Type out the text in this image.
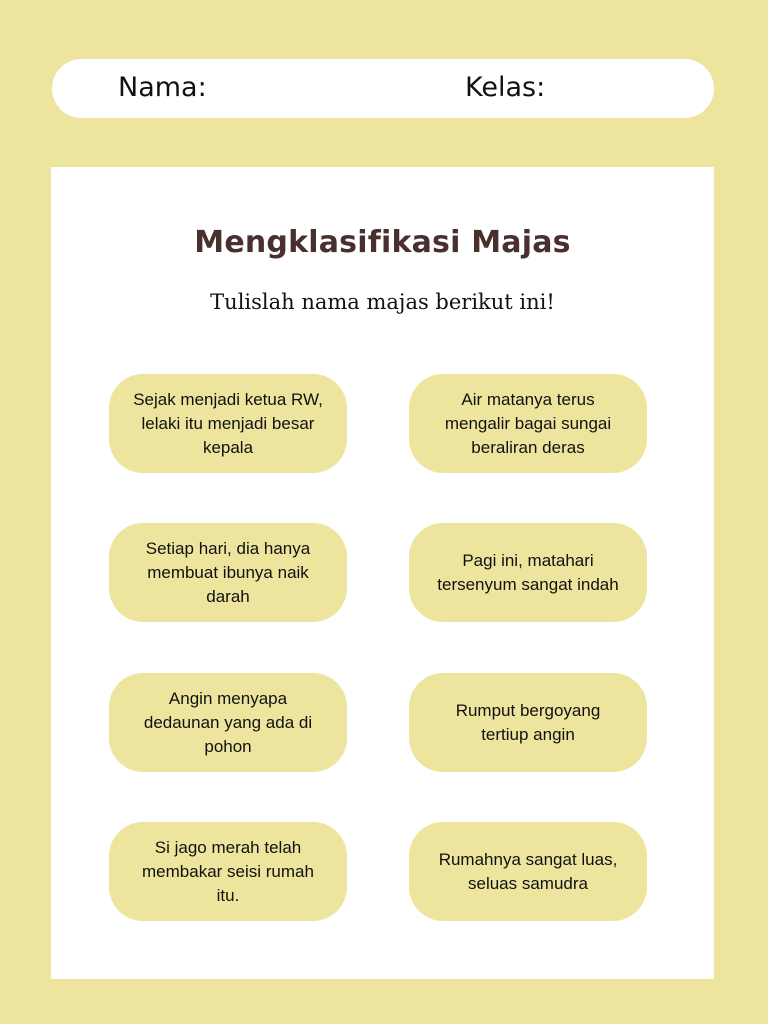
Nama:	Kelas:
Mengklasifikasi Majas
Tulislah nama majas berikut ini!
Sejak menjadi ketua RW, lelaki itu menjadi besar kepala
Air matanya terus mengalir bagai sungai beraliran deras
Setiap hari, dia hanya membuat ibunya naik darah
Pagi ini, matahari tersenyum sangat indah
Angin menyapa dedaunan yang ada di pohon
Rumput bergoyang tertiup angin
Si jago merah telah membakar seisi rumah itu.
Rumahnya sangat luas, seluas samudra
